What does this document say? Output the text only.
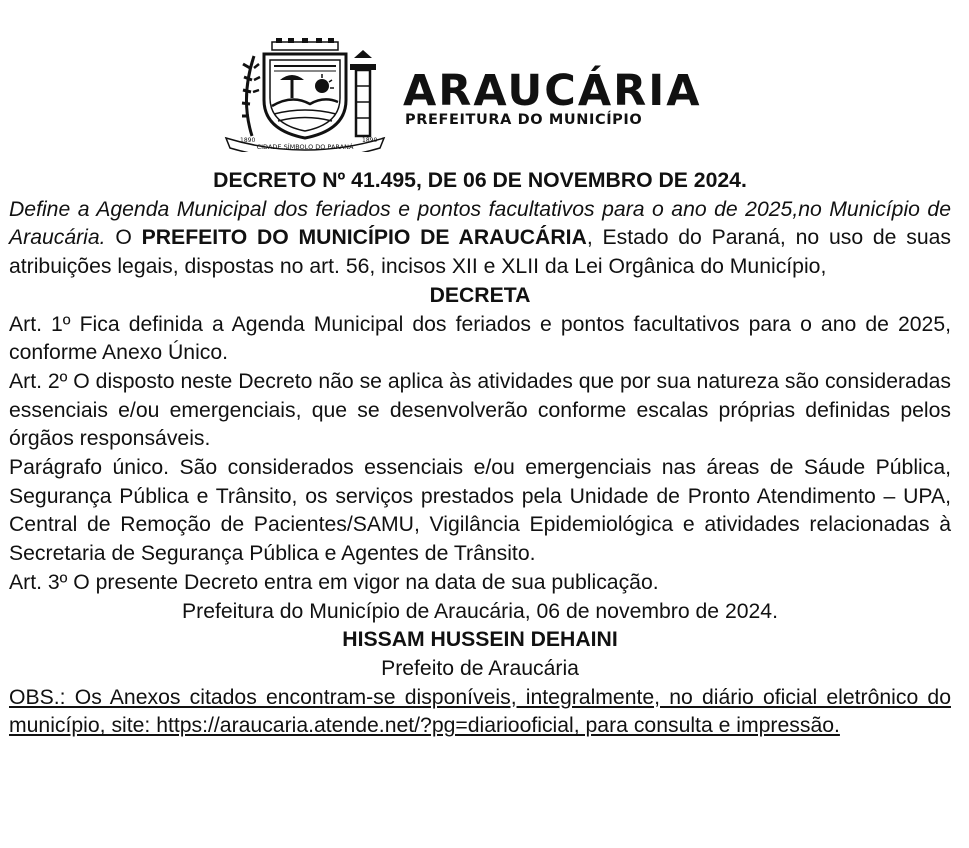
CIDADE SÍMBOLO DO PARANÁ
1890	1890
ARAUCÁRIA
PREFEITURA DO MUNICÍPIO

DECRETO Nº 41.495, DE 06 DE NOVEMBRO DE 2024.

Define a Agenda Municipal dos feriados e pontos facultativos para o ano de 2025,no Município de Araucária. O PREFEITO DO MUNICÍPIO DE ARAUCÁRIA, Estado do Paraná, no uso de suas atribuições legais, dispostas no art. 56, incisos XII e XLII da Lei Orgânica do Município,

DECRETA

Art. 1º Fica definida a Agenda Municipal dos feriados e pontos facultativos para o ano de 2025, conforme Anexo Único.

Art. 2º O disposto neste Decreto não se aplica às atividades que por sua natureza são consideradas essenciais e/ou emergenciais, que se desenvolverão conforme escalas próprias definidas pelos órgãos responsáveis.

Parágrafo único. São considerados essenciais e/ou emergenciais nas áreas de Sáude Pública, Segurança Pública e Trânsito, os serviços prestados pela Unidade de Pronto Atendimento – UPA, Central de Remoção de Pacientes/SAMU, Vigilância Epidemiológica e atividades relacionadas à Secretaria de Segurança Pública e Agentes de Trânsito.

Art. 3º O presente Decreto entra em vigor na data de sua publicação.

Prefeitura do Município de Araucária, 06 de novembro de 2024.

HISSAM HUSSEIN DEHAINI

Prefeito de Araucária

OBS.: Os Anexos citados encontram-se disponíveis, integralmente, no diário oficial eletrônico do município, site: https://araucaria.atende.net/?pg=diariooficial, para consulta e impressão.
